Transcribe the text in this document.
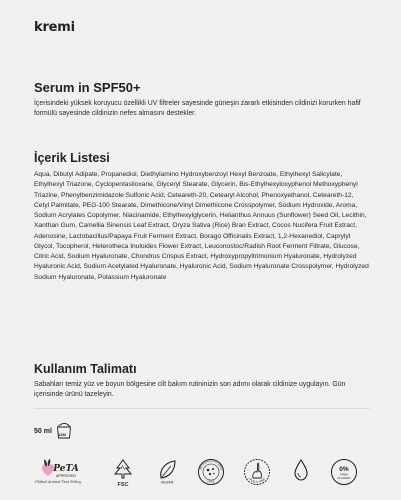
kremi
Serum in SPF50+

İçerisindeki yüksek koruyucu özellikli UV filtreler sayesinde güneşin zararlı etkisinden cildinizi korurken hafif formülü sayesinde cildinizin nefes almasını destekler.

İçerik Listesi

Aqua, Dibutyl Adipate, Propanediol, Diethylamino Hydroxybenzoyl Hexyl Benzoate, Ethylhexyl Salicylate, Ethylhexyl Triazone, Cyclopentasiloxane, Glyceryl Stearate, Glycerin, Bis-Ethylhexyloxyphenol Methoxyphenyl Triazine, Phenylbenzimidazole Sulfonic Acid, Ceteareth-20, Cetearyl Alcohol, Phenoxyethanol, Ceteareth-12, Cetyl Palmitate, PEG-100 Stearate, Dimethicone/Vinyl Dimethicone Crosspolymer, Sodium Hydroxide, Aroma, Sodium Acrylates Copolymer, Niacinamide, Ethylhexylglycerin, Helianthus Annuus (Sunflower) Seed Oil, Lecithin, Xanthan Gum, Camellia Sinensis Leaf Extract, Oryza Sativa (Rice) Bran Extract, Cocos Nucifera Fruit Extract, Adenosine, Lactobacillus/Papaya Fruit Ferment Extract, Borago Officinalis Extract, 1,2-Hexanediol, Caprylyl Glycol, Tocopherol, Heterotheca Inuloides Flower Extract, Leuconostoc/Radish Root Ferment Filtrate, Glucose, Citric Acid, Sodium Hyaluronate, Chondrus Crispus Extract, Hydroxypropyltrimonium Hyaluronate, Hydrolyzed Hyaluronic Acid, Sodium Acetylated Hyaluronate, Hyaluronic Acid, Sodium Hyaluronate Crosspolymer, Hydrolyzed Sodium Hyaluronate, Potassium Hyaluronate

Kullanım Talimatı

Sabahları temiz yüz ve boyun bölgesine cilt bakım rutininizin son adımı olarak cildinize uygulayın. Gün içerisinde ürünü tazeleyin.

50 ml 12M
PeTA
APPROVED
Global Animal Test Policy	FSC	VEGAN
MICROPLASTIC FREE
FREE
CRUELTY FREE
0%
FREE
ALCOHOL
